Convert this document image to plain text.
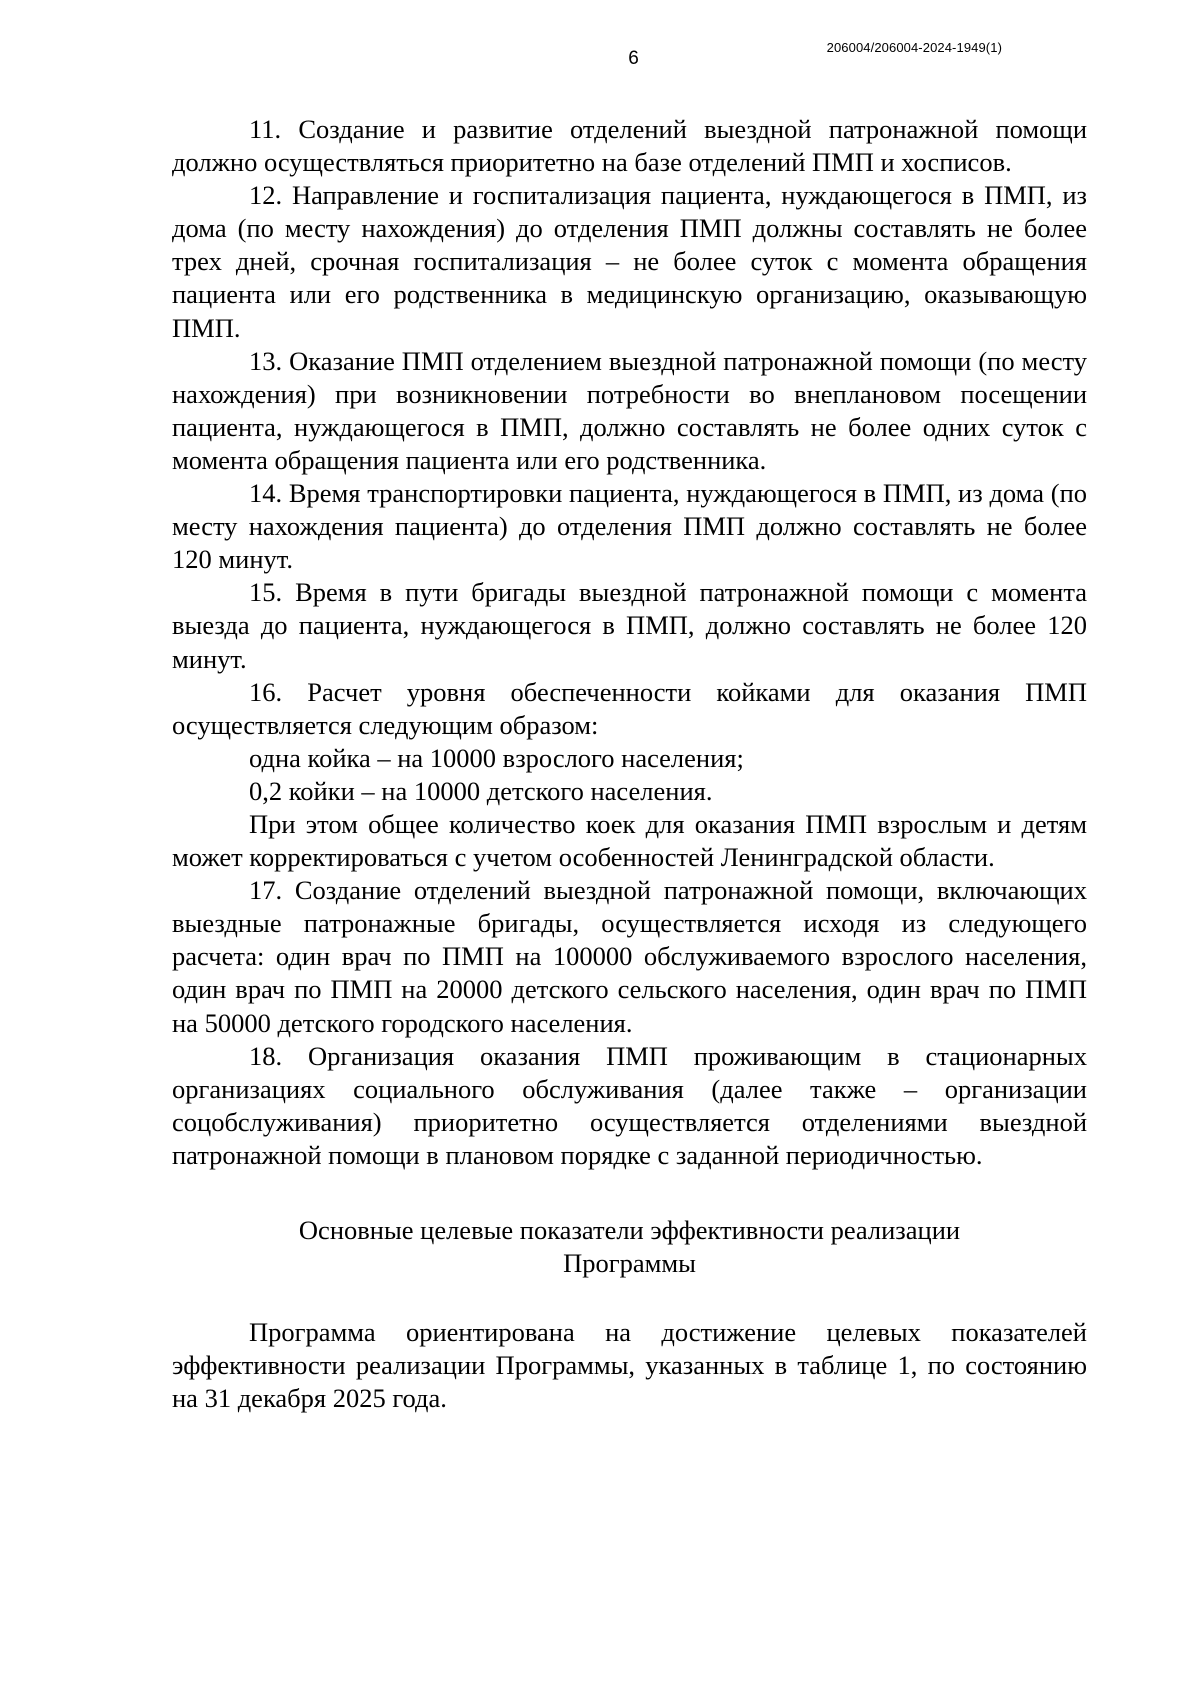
206004/206004-2024-1949(1)
6

11. Создание и развитие отделений выездной патронажной помощи должно осуществляться приоритетно на базе отделений ПМП и хосписов.

12. Направление и госпитализация пациента, нуждающегося в ПМП, из дома (по месту нахождения) до отделения ПМП должны составлять не более трех дней, срочная госпитализация – не более суток с момента обращения пациента или его родственника в медицинскую организацию, оказывающую ПМП.

13. Оказание ПМП отделением выездной патронажной помощи (по месту нахождения) при возникновении потребности во внеплановом посещении пациента, нуждающегося в ПМП, должно составлять не более одних суток с момента обращения пациента или его родственника.

14. Время транспортировки пациента, нуждающегося в ПМП, из дома (по месту нахождения пациента) до отделения ПМП должно составлять не более 120 минут.

15. Время в пути бригады выездной патронажной помощи с момента выезда до пациента, нуждающегося в ПМП, должно составлять не более 120 минут.

16. Расчет уровня обеспеченности койками для оказания ПМП осуществляется следующим образом:

одна койка – на 10000 взрослого населения;

0,2 койки – на 10000 детского населения.

При этом общее количество коек для оказания ПМП взрослым и детям может корректироваться с учетом особенностей Ленинградской области.

17. Создание отделений выездной патронажной помощи, включающих выездные патронажные бригады, осуществляется исходя из следующего расчета: один врач по ПМП на 100000 обслуживаемого взрослого населения, один врач по ПМП на 20000 детского сельского населения, один врач по ПМП на 50000 детского городского населения.

18. Организация оказания ПМП проживающим в стационарных организациях социального обслуживания (далее также – организации соцобслуживания) приоритетно осуществляется отделениями выездной патронажной помощи в плановом порядке с заданной периодичностью.

Основные целевые показатели эффективности реализации
Программы

Программа ориентирована на достижение целевых показателей эффективности реализации Программы, указанных в таблице 1, по состоянию на 31 декабря 2025 года.
